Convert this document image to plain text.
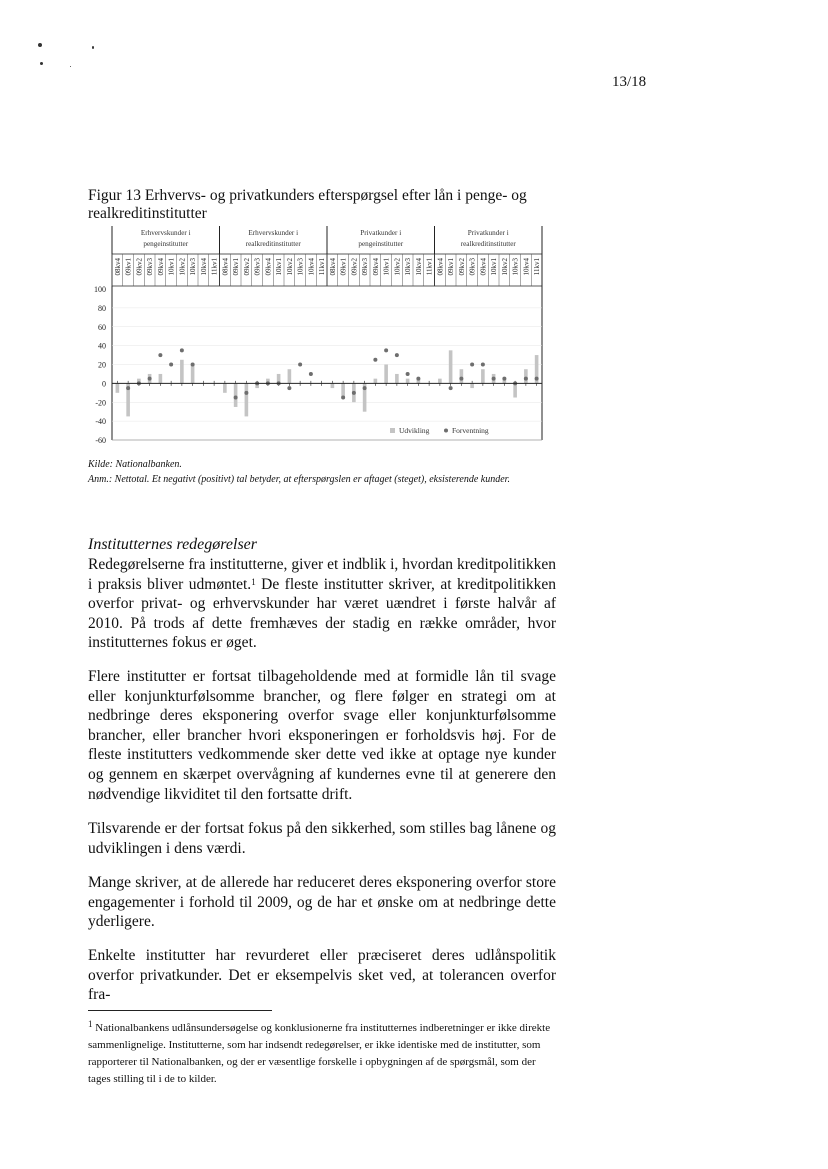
13/18
Figur 13 Erhvervs- og privatkunders efterspørgsel efter lån i penge- og realkreditinstitutter
100
80
60
40
20
0
-20
-40
-60
Erhvervskunder i
pengeinstitutter
08kv4 09kv1 09kv2 09kv3 09kv4 10kv1 10kv2 10kv3 10kv4 11kv1
Erhvervskunder i
realkreditinstitutter
08kv4 09kv1 09kv2 09kv3 09kv4 10kv1 10kv2 10kv3 10kv4 11kv1
Privatkunder i
pengeinstitutter
08kv4 09kv1 09kv2 09kv3 09kv4 10kv1 10kv2 10kv3 10kv4 11kv1
Privatkunder i
realkreditinstitutter
08kv4 09kv1 09kv2 09kv3 09kv4 10kv1 10kv2 10kv3 10kv4 11kv1
Udvikling	Forventning
Kilde: Nationalbanken.
Anm.: Nettotal. Et negativt (positivt) tal betyder, at efterspørgslen er aftaget (steget), eksisterende kunder.
Institutternes redegørelser
Redegørelserne fra institutterne, giver et indblik i, hvordan kreditpolitikken i praksis bliver udmøntet.$^1$ De fleste institutter skriver, at kreditpolitikken overfor privat- og erhvervskunder har været uændret i første halvår af 2010. På trods af dette fremhæves der stadig en række områder, hvor institutternes fokus er øget.
Flere institutter er fortsat tilbageholdende med at formidle lån til svage eller konjunkturfølsomme brancher, og flere følger en strategi om at nedbringe deres eksponering overfor svage eller konjunkturfølsomme brancher, eller brancher hvori eksponeringen er forholdsvis høj. For de fleste institutters vedkommende sker dette ved ikke at optage nye kunder og gennem en skærpet overvågning af kundernes evne til at generere den nødvendige likviditet til den fortsatte drift.
Tilsvarende er der fortsat fokus på den sikkerhed, som stilles bag lånene og udviklingen i dens værdi.
Mange skriver, at de allerede har reduceret deres eksponering overfor store engagementer i forhold til 2009, og de har et ønske om at nedbringe dette yderligere.
Enkelte institutter har revurderet eller præciseret deres udlånspolitik overfor privatkunder. Det er eksempelvis sket ved, at tolerancen overfor fra-
$^1$ Nationalbankens udlånsundersøgelse og konklusionerne fra institutternes indberetninger er ikke direkte sammenlignelige. Institutterne, som har indsendt redegørelser, er ikke identiske med de institutter, som rapporterer til Nationalbanken, og der er væsentlige forskelle i opbygningen af de spørgsmål, som der tages stilling til i de to kilder.
